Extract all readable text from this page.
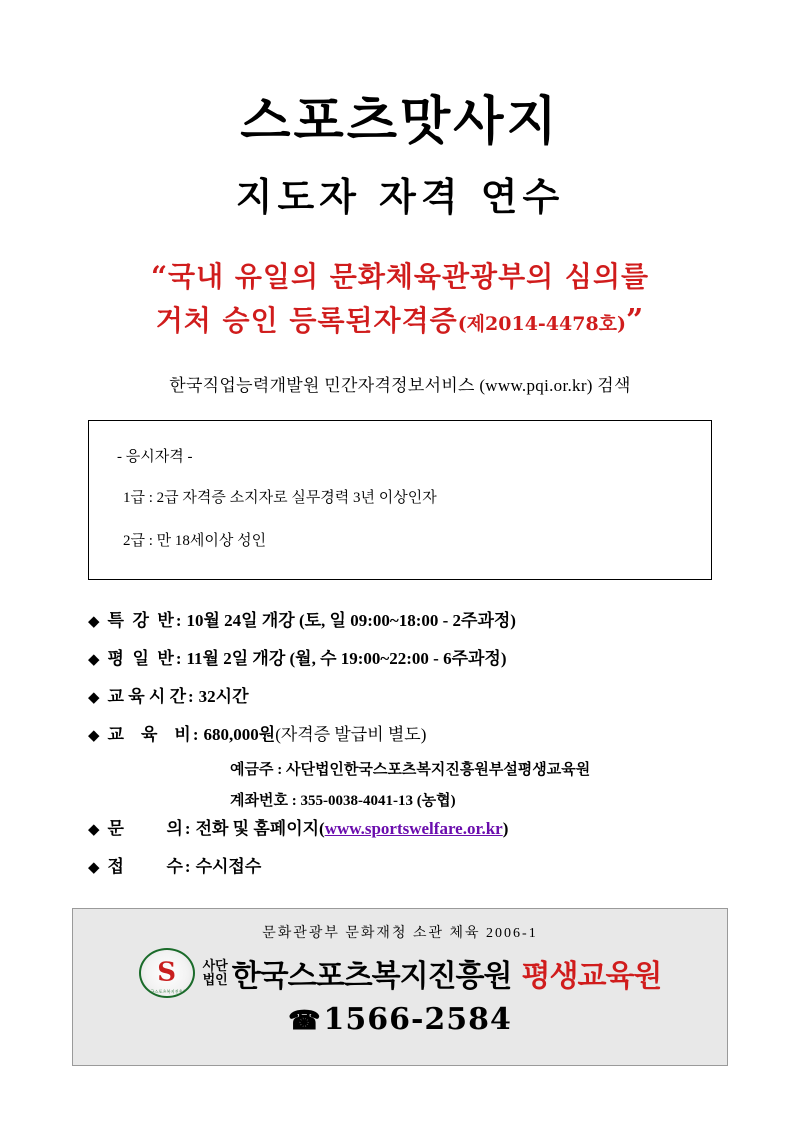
스포츠맛사지
지도자 자격 연수
“국내 유일의 문화체육관광부의 심의를
거처 승인 등록된자격증(제2014-4478호)”
한국직업능력개발원 민간자격정보서비스 (www.pqi.or.kr) 검색
- 응시자격 -
1급 : 2급 자격증 소지자로 실무경력 3년 이상인자
2급 : 만 18세이상 성인
◆ 특  강  반 : 10월 24일 개강 (토, 일 09:00~18:00 - 2주과정)
◆ 평  일  반 : 11월 2일 개강 (월, 수 19:00~22:00 - 6주과정)
◆ 교 육 시 간 : 32시간
◆ 교    육    비 : 680,000원 (자격증 발급비 별도)
예금주 : 사단법인한국스포츠복지진흥원부설평생교육원
계좌번호 : 355-0038-4041-13 (농협)
◆ 문          의 : 전화 및 홈페이지(www.sportswelfare.or.kr)
◆ 접          수 : 수시접수
문화관광부 문화재청 소관 체육 2006-1
S
한국스포츠복지진흥원
사단
법인 한국스포츠복지진흥원 평생교육원
☎1566-2584
